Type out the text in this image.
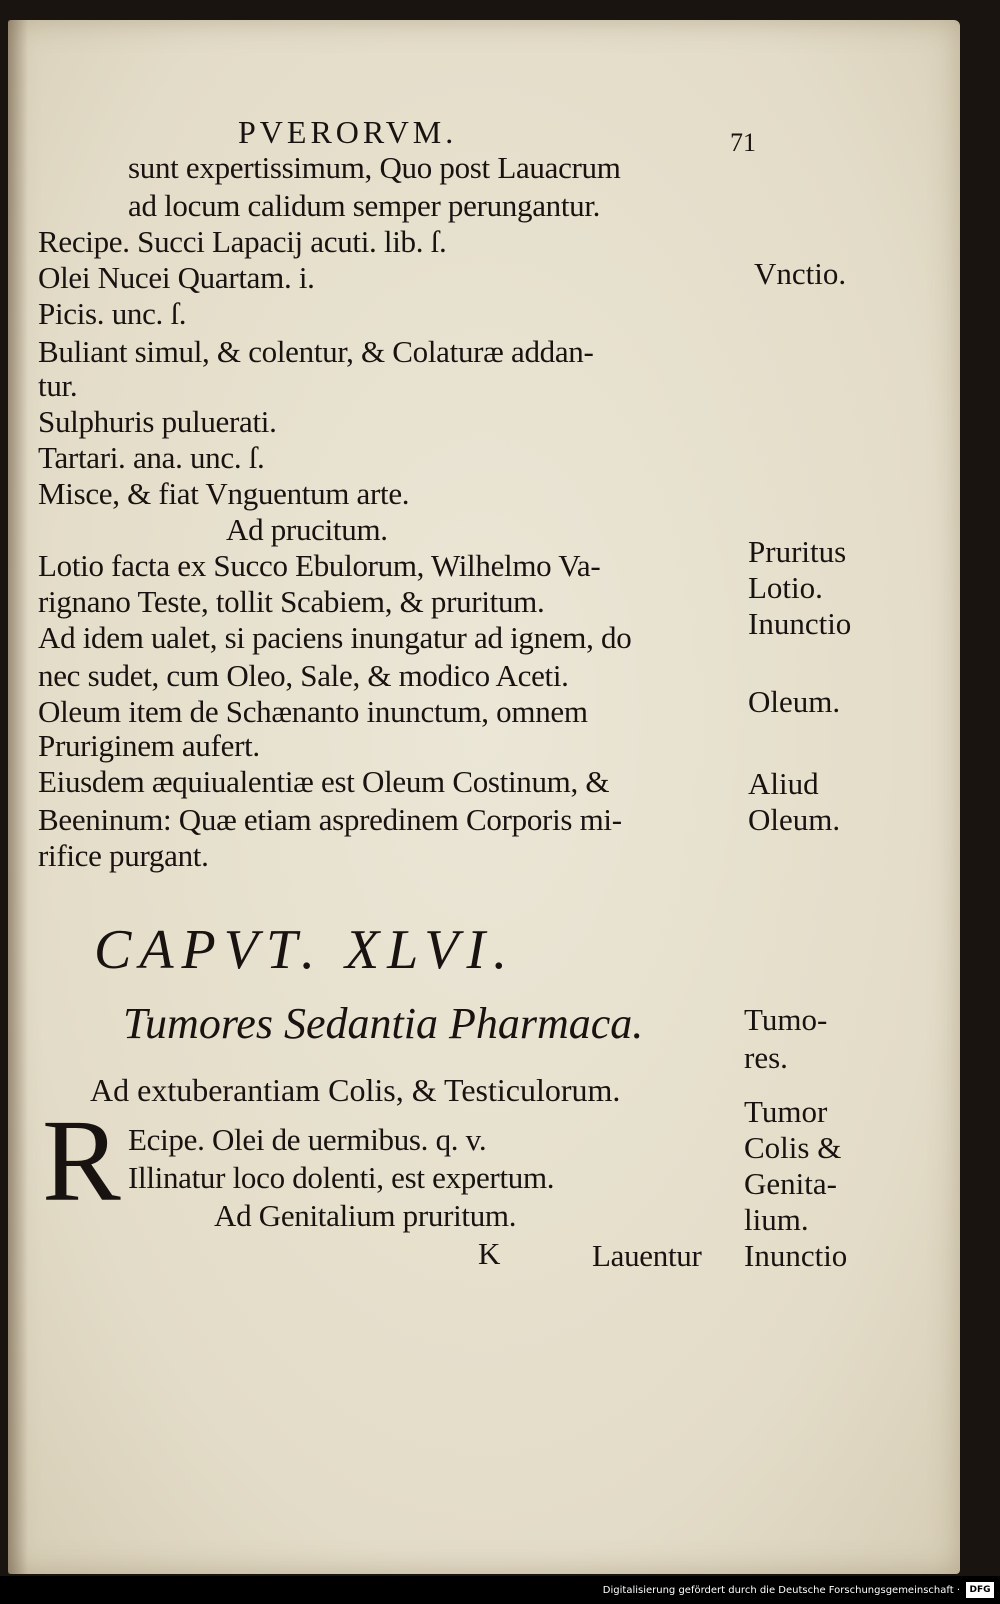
PVERORVM.	71
sunt expertissimum, Quo post Lauacrum
ad locum calidum semper perungantur.
Recipe. Succi Lapacij acuti. lib. ſ.
Olei Nucei Quartam. i.
Picis. unc. ſ.
Buliant simul, & colentur, & Colaturæ addan-
tur.
Sulphuris puluerati.
Tartari. ana. unc. ſ.
Misce, & fiat Vnguentum arte.
Ad prucitum.
Lotio facta ex Succo Ebulorum, Wilhelmo Va-
rignano Teste, tollit Scabiem, & pruritum.
Ad idem ualet, si paciens inungatur ad ignem, do
nec sudet, cum Oleo, Sale, & modico Aceti.
Oleum item de Schænanto inunctum, omnem
Pruriginem aufert.
Eiusdem æquiualentiæ est Oleum Costinum, &
Beeninum: Quæ etiam aspredinem Corporis mi-
rifice purgant.
Vnctio.
Pruritus
Lotio.
Inunctio
Oleum.
Aliud
Oleum.
CAPVT. XLVI.
Tumores Sedantia Pharmaca.
Ad extuberantiam Colis, & Testiculorum.
R Ecipe. Olei de uermibus. q. v.
Illinatur loco dolenti, est expertum.
Ad Genitalium pruritum.
K	Lauentur
Tumo-
res.
Tumor
Colis &
Genita-
lium.
Inunctio
Digitalisierung gefördert durch die Deutsche Forschungsgemeinschaft ·	DFG
